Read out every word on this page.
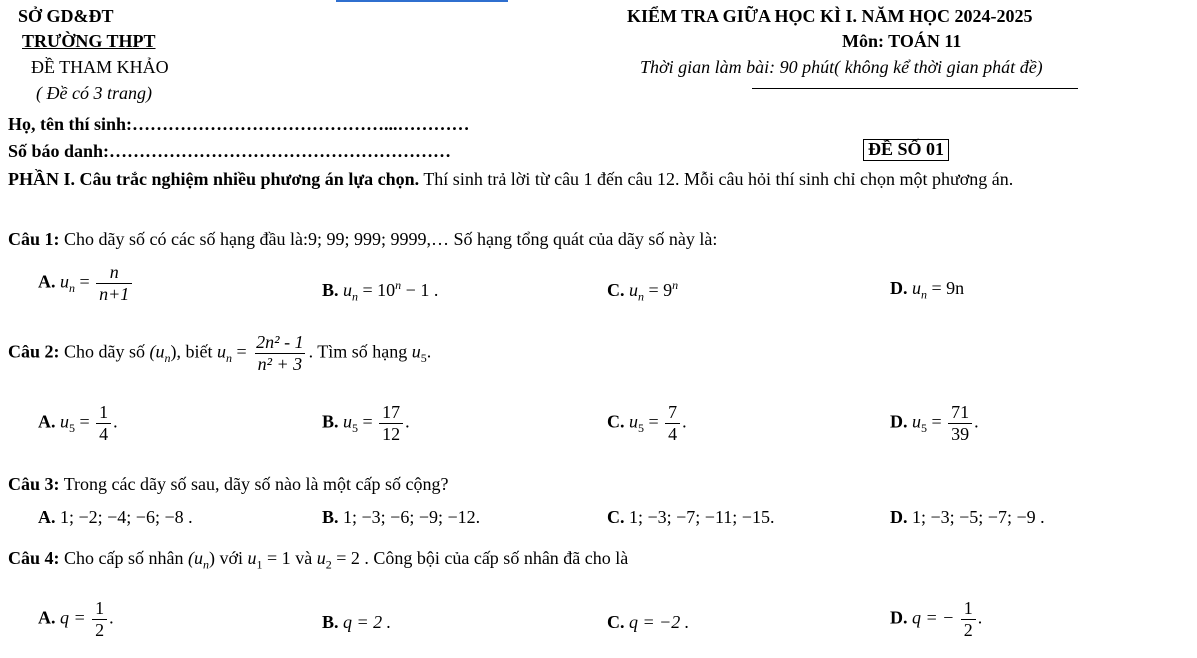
SỞ GD&ĐT
TRƯỜNG THPT
ĐỀ THAM KHẢO
( Đề có 3 trang)
KIỂM TRA GIỮA HỌC KÌ I. NĂM HỌC 2024-2025
Môn: TOÁN 11
Thời gian làm bài: 90 phút( không kể thời gian phát đề)
Họ, tên thí sinh:……………………………………...…………
Số báo danh:…………………………………………………	ĐỀ SỐ 01
PHẦN I. Câu trắc nghiệm nhiều phương án lựa chọn. Thí sinh trả lời từ câu 1 đến câu 12. Mỗi câu hỏi thí sinh chỉ chọn một phương án.
Câu 1: Cho dãy số có các số hạng đầu là:9; 99; 999; 9999,… Số hạng tổng quát của dãy số này là:
A. $u_n = \frac{n}{n+1}$	B. $u_n = 10^n - 1$ .	C. $u_n = 9^n$	D. $u_n = 9n$
Câu 2: Cho dãy số $(u_n)$, biết $u_n = \frac{\text{2n² - 1}}{\text{n² + 3}}$ . Tìm số hạng $u_5$.
A. $u_5 = \frac{1}{4}$ .	B. $u_5 = \frac{17}{12}$ .	C. $u_5 = \frac{7}{4}$ .	D. $u_5 = \frac{71}{39}$ .
Câu 3: Trong các dãy số sau, dãy số nào là một cấp số cộng?
A. 1; −2; −4; −6; −8 .	B. 1; −3; −6; −9; −12.	C. 1; −3; −7; −11; −15.	D. 1; −3; −5; −7; −9 .
Câu 4: Cho cấp số nhân $(u_n)$ với $u_1 = 1$ và $u_2 = 2$ . Công bội của cấp số nhân đã cho là
A. $q = \frac{1}{2}$ .	B. q = 2 .	C. q = −2 .	D. q = − $\frac{1}{2}$ .
